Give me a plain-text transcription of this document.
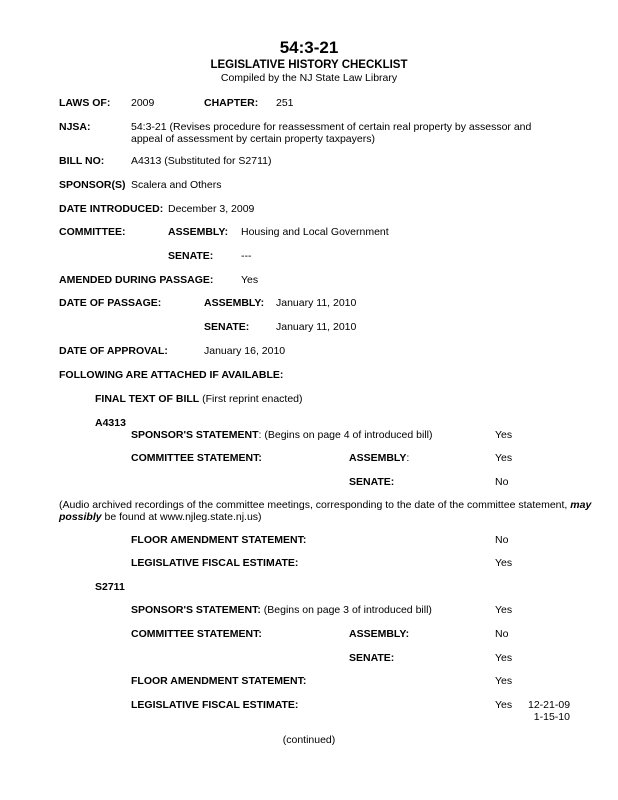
54:3-21
LEGISLATIVE HISTORY CHECKLIST
Compiled by the NJ State Law Library
LAWS OF: 2009	CHAPTER: 251
NJSA:	54:3-21 (Revises procedure for reassessment of certain real property by assessor and appeal of assessment by certain property taxpayers)
BILL NO:	A4313 (Substituted for S2711)
SPONSOR(S) Scalera and Others
DATE INTRODUCED: December 3, 2009
COMMITTEE:	ASSEMBLY: Housing and Local Government
SENATE:	---
AMENDED DURING PASSAGE:	Yes
DATE OF PASSAGE:	ASSEMBLY: January 11, 2010
SENATE:	January 11, 2010
DATE OF APPROVAL:	January 16, 2010
FOLLOWING ARE ATTACHED IF AVAILABLE:
FINAL TEXT OF BILL (First reprint enacted)
A4313
SPONSOR'S STATEMENT: (Begins on page 4 of introduced bill)	Yes
COMMITTEE STATEMENT:	ASSEMBLY:	Yes
SENATE:	No
(Audio archived recordings of the committee meetings, corresponding to the date of the committee statement, may possibly be found at www.njleg.state.nj.us)
FLOOR AMENDMENT STATEMENT:	No
LEGISLATIVE FISCAL ESTIMATE:	Yes
S2711
SPONSOR'S STATEMENT: (Begins on page 3 of introduced bill)	Yes
COMMITTEE STATEMENT:	ASSEMBLY:	No
SENATE:	Yes
FLOOR AMENDMENT STATEMENT:	Yes
LEGISLATIVE FISCAL ESTIMATE:	Yes 12-21-09
1-15-10
(continued)
